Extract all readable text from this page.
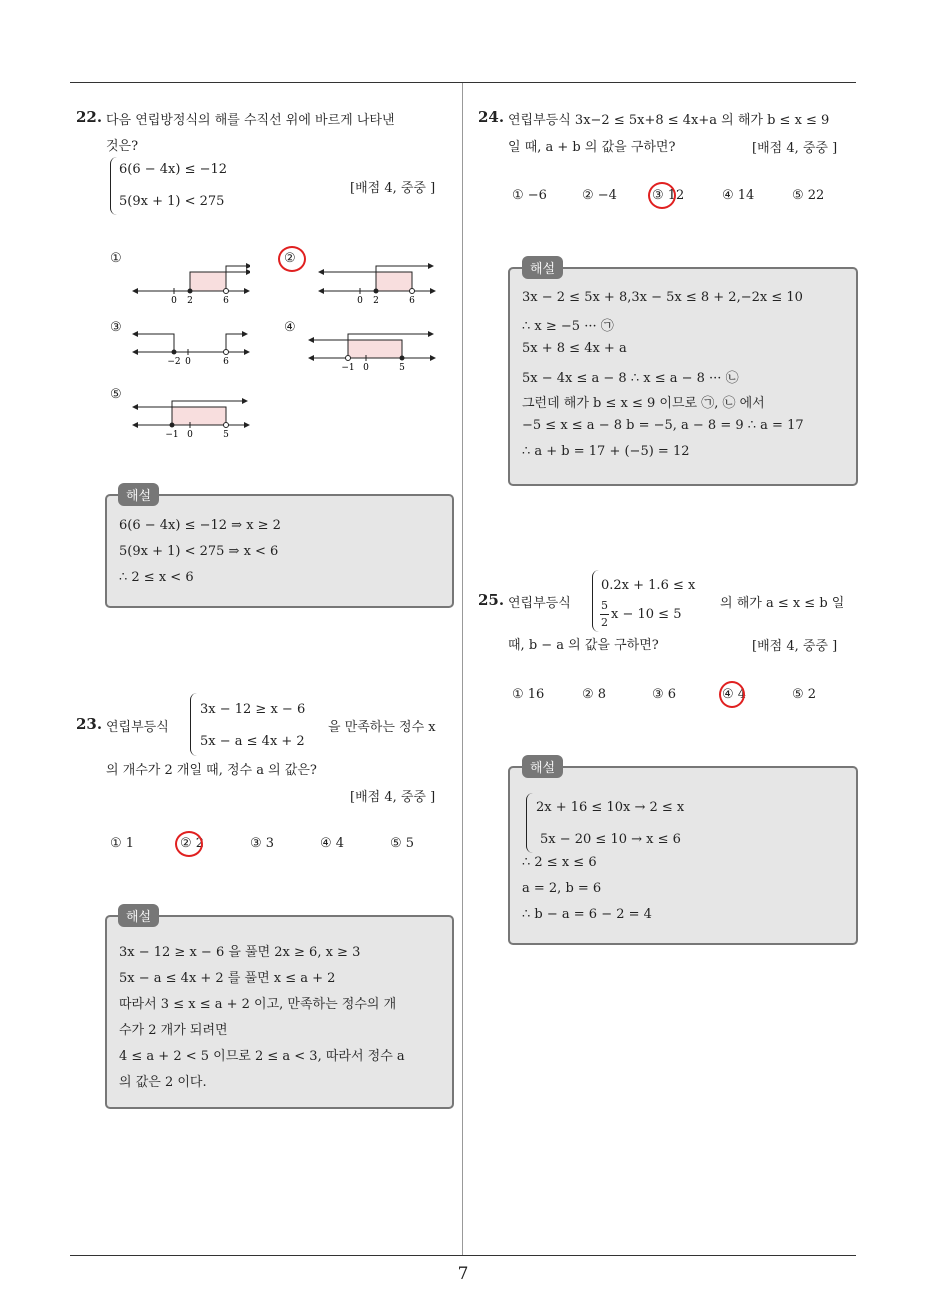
7
22. 다음 연립방정식의 해를 수직선 위에 바르게 나타낸
것은?
6(6 − 4x) ≤ −12
5(9x + 1) < 275
[배점 4, 중중 ]
①	②
③	④
⑤
0 2	6	0 2	6
−2 0	6
−1 0	5
−1 0	5
6(6 − 4x) ≤ −12 ⇒ x ≥ 2
5(9x + 1) < 275 ⇒ x < 6
∴ 2 ≤ x < 6
해설
23. 연립부등식
3x − 12 ≥ x − 6
5x − a ≤ 4x + 2
을 만족하는 정수 x
의 개수가 2 개일 때, 정수 a 의 값은?
[배점 4, 중중 ]
① 1	② 2	③ 3	④ 4	⑤ 5
3x − 12 ≥ x − 6 을 풀면 2x ≥ 6, x ≥ 3
5x − a ≤ 4x + 2 를 풀면 x ≤ a + 2
따라서 3 ≤ x ≤ a + 2 이고, 만족하는 정수의 개
수가 2 개가 되려면
4 ≤ a + 2 < 5 이므로 2 ≤ a < 3, 따라서 정수 a
의 값은 2 이다.
해설
24. 연립부등식 3x−2 ≤ 5x+8 ≤ 4x+a 의 해가 b ≤ x ≤ 9
일 때, a + b 의 값을 구하면?	[배점 4, 중중 ]
① −6	② −4	③ 12	④ 14	⑤ 22
3x − 2 ≤ 5x + 8,3x − 5x ≤ 8 + 2,−2x ≤ 10
∴ x ≥ −5 ··· ㉠
5x + 8 ≤ 4x + a
5x − 4x ≤ a − 8 ∴ x ≤ a − 8 ··· ㉡
그런데 해가 b ≤ x ≤ 9 이므로 ㉠, ㉡ 에서
−5 ≤ x ≤ a − 8 b = −5, a − 8 = 9 ∴ a = 17
∴ a + b = 17 + (−5) = 12
해설
25. 연립부등식
0.2x + 1.6 ≤ x
5
2
x − 10 ≤ 5
의 해가 a ≤ x ≤ b 일
때, b − a 의 값을 구하면?	[배점 4, 중중 ]
① 16	② 8	③ 6	④ 4	⑤ 2
2x + 16 ≤ 10x → 2 ≤ x
5x − 20 ≤ 10 → x ≤ 6
∴ 2 ≤ x ≤ 6
a = 2, b = 6
∴ b − a = 6 − 2 = 4
해설
